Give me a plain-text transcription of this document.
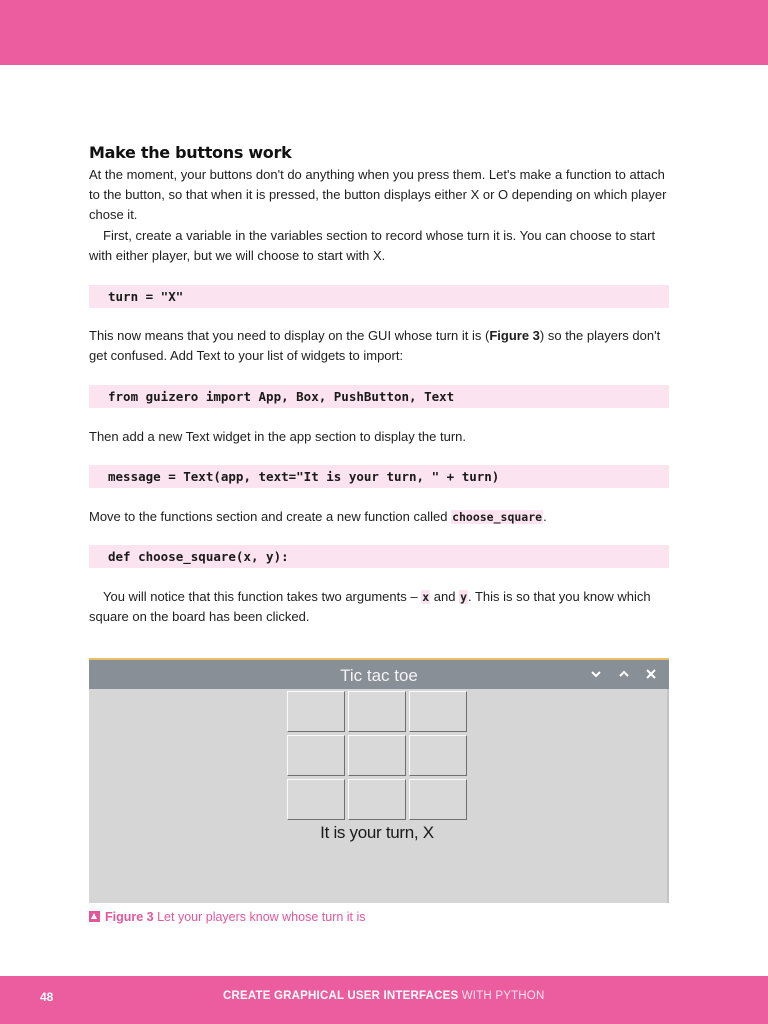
Make the buttons work

At the moment, your buttons don't do anything when you press them. Let's make a function to attach to the button, so that when it is pressed, the button displays either X or O depending on which player chose it.

First, create a variable in the variables section to record whose turn it is. You can choose to start with either player, but we will choose to start with X.

turn = "X"

This now means that you need to display on the GUI whose turn it is (Figure 3) so the players don't get confused. Add Text to your list of widgets to import:

from guizero import App, Box, PushButton, Text

Then add a new Text widget in the app section to display the turn.

message = Text(app, text="It is your turn, " + turn)

Move to the functions section and create a new function called choose_square.

def choose_square(x, y):

You will notice that this function takes two arguments – x and y. This is so that you know which square on the board has been clicked.

Tic tac toe
It is your turn, X
Figure 3 Let your players know whose turn it is
48	CREATE GRAPHICAL USER INTERFACES WITH PYTHON
